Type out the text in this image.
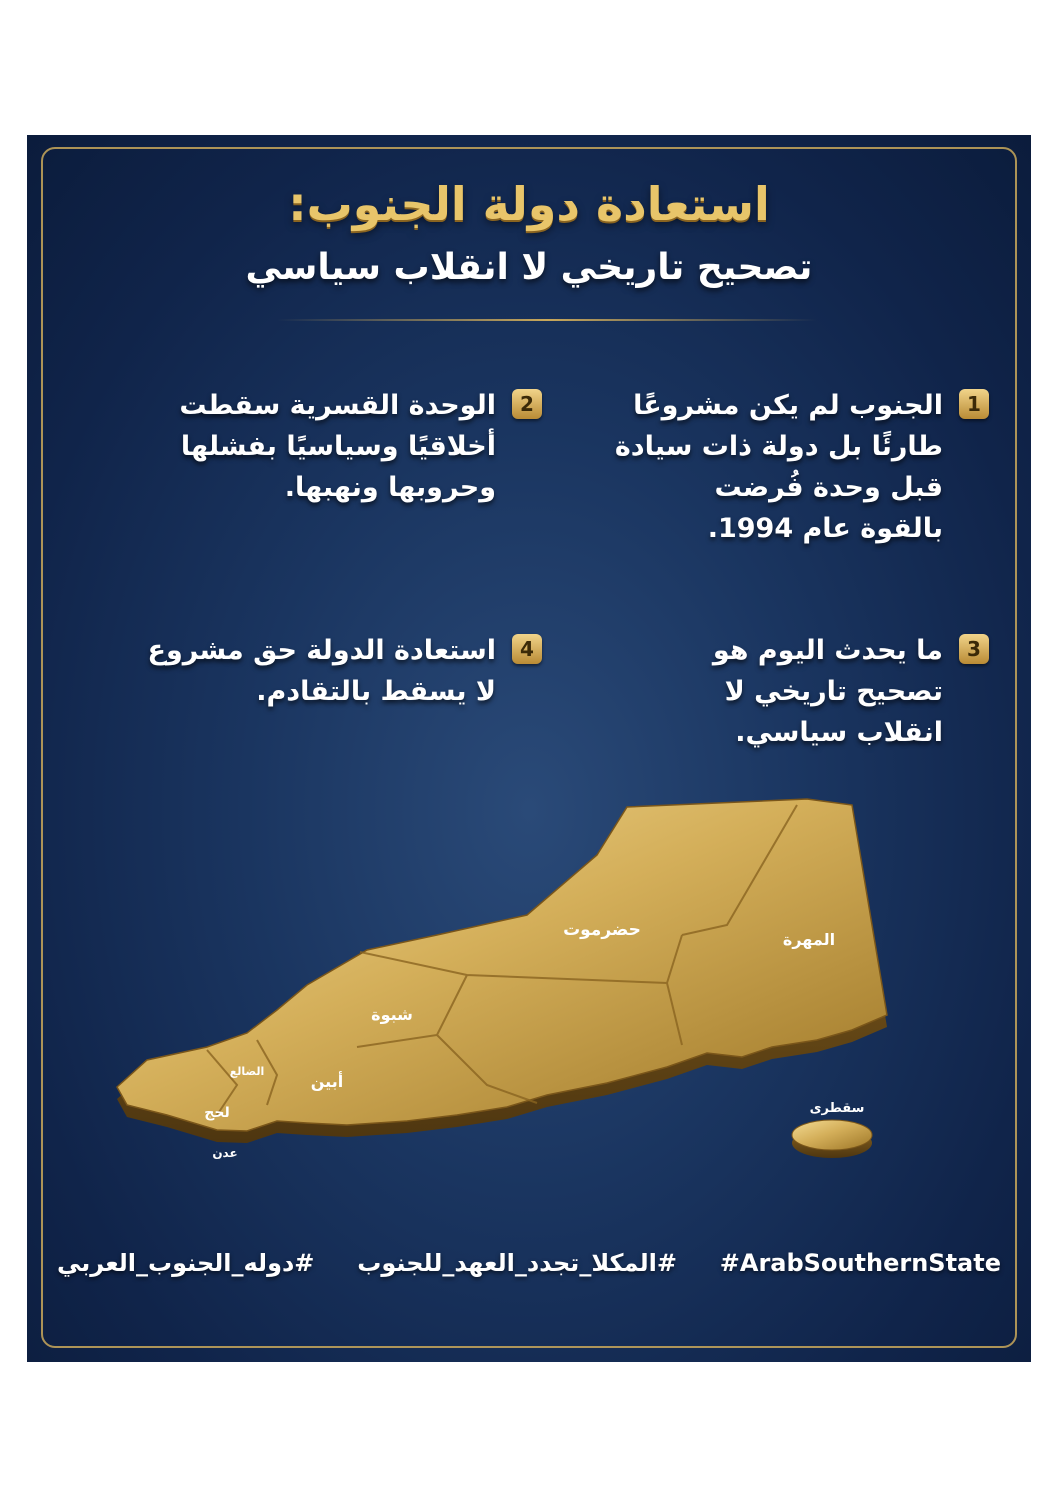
استعادة دولة الجنوب:
تصحيح تاريخي لا انقلاب سياسي
1
الجنوب لم يكن مشروعًا
طارئًا بل دولة ذات سيادة
قبل وحدة فُرضت
بالقوة عام 1994.
2
الوحدة القسرية سقطت
أخلاقيًا وسياسيًا بفشلها
وحروبها ونهبها.
3
ما يحدث اليوم هو
تصحيح تاريخي لا
انقلاب سياسي.
4
استعادة الدولة حق مشروع
لا يسقط بالتقادم.
حضرموت	المهرة
شبوة
أبين
لحج
الضالع
عدن
سقطرى
#دوله_الجنوب_العربي #المكلا_تجدد_العهد_للجنوب #ArabSouthernState
